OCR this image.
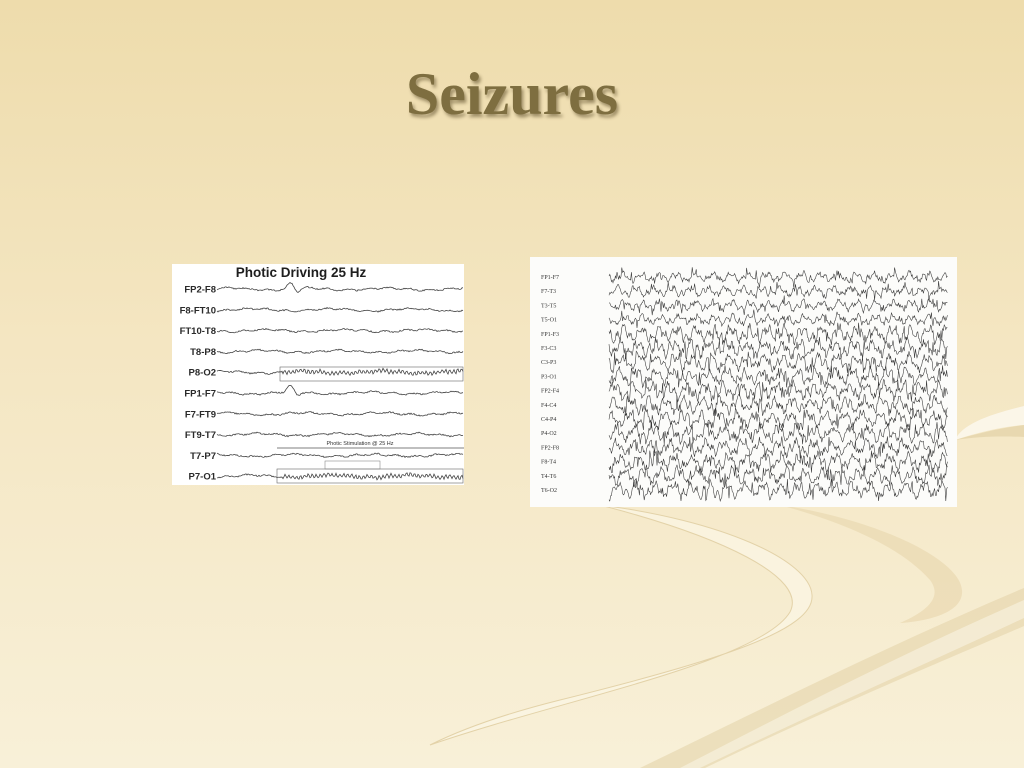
Seizures
Photic Driving 25 Hz
FP2-F8
F8-FT10
FT10-T8
T8-P8
P8-O2
FP1-F7
F7-FT9
FT9-T7
T7-P7
P7-O1
Photic Stimulation @ 25 Hz
FP1-F7
F7-T3
T3-T5
T5-O1
FP1-F3
F3-C3
C3-P3
P3-O1
FP2-F4
F4-C4
C4-P4
P4-O2
FP2-F8
F8-T4
T4-T6
T6-O2
